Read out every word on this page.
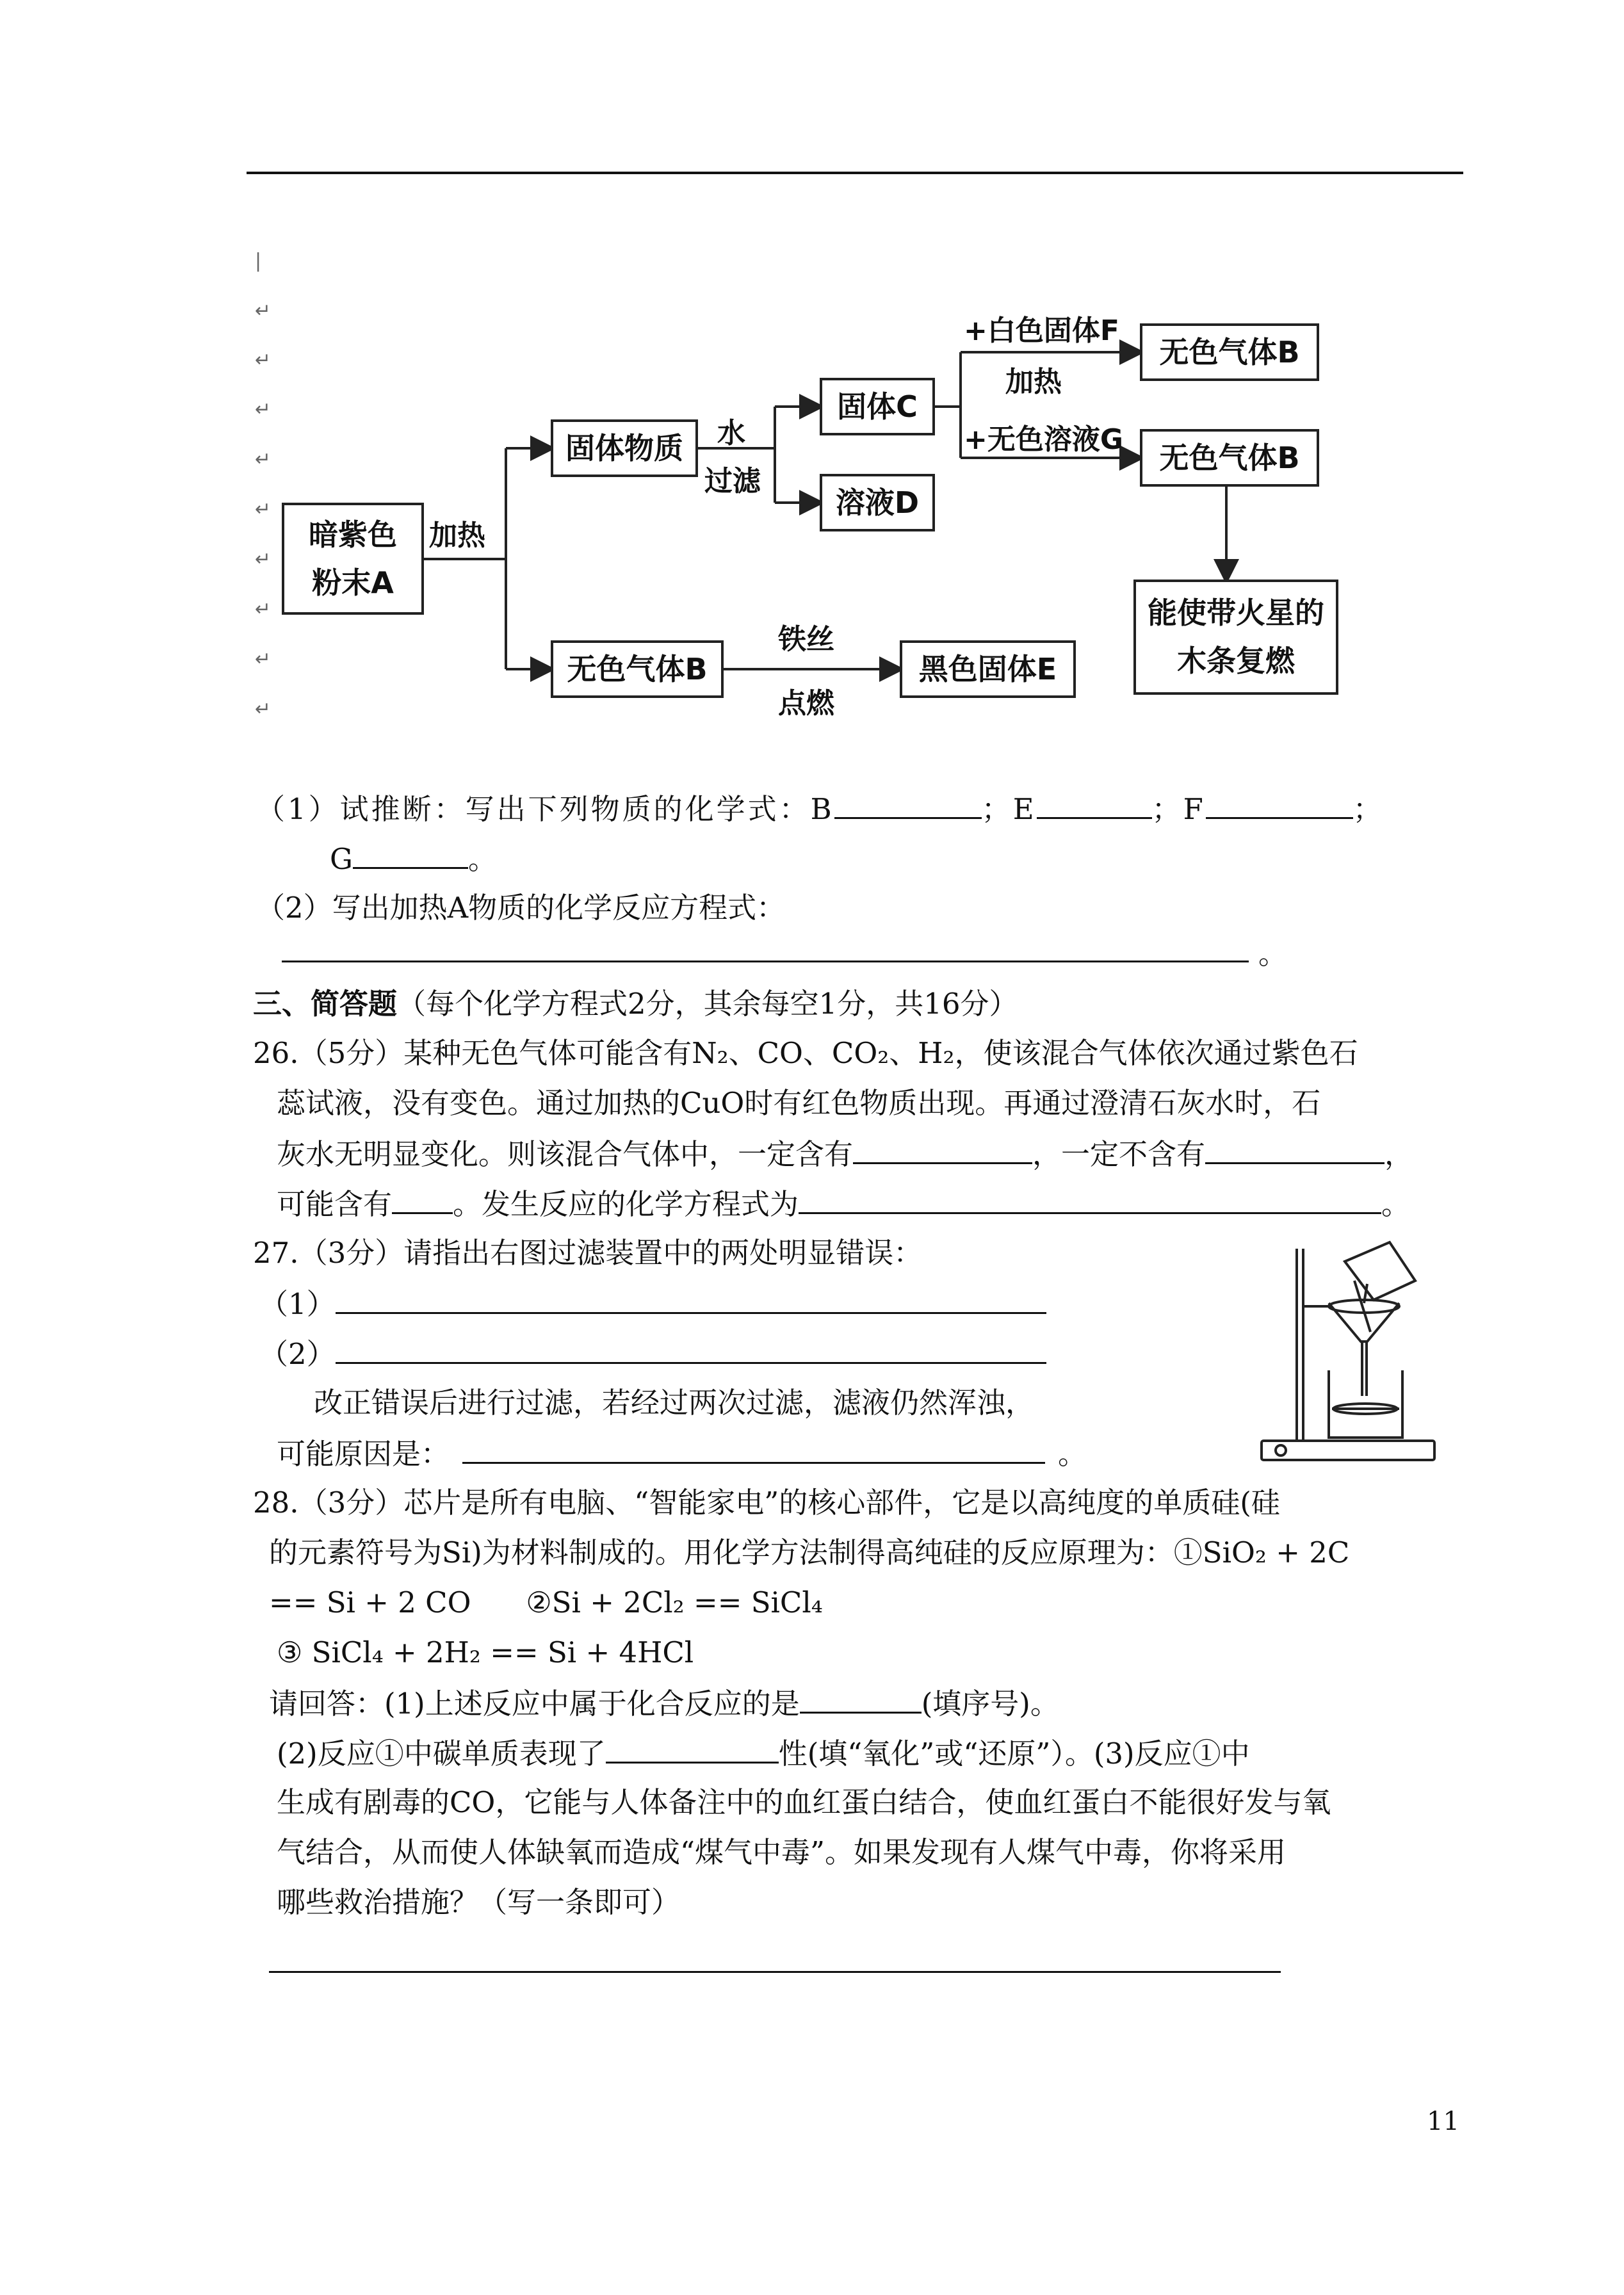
|
↵
↵
↵
↵
↵
↵
↵
↵
↵
暗紫色粉末A
固体物质
固体C
溶液D
无色气体B
无色气体B
无色气体B	黑色固体E
能使带火星的木条复燃
加热
水
过滤
+白色固体F
加热
+无色溶液G
铁丝
点燃
（1）试推断：写出下列物质的化学式：B	；E	；F	；
G	。
（2）写出加热A物质的化学反应方程式：
。
三、简答题（每个化学方程式2分，其余每空1分，共16分）
26.（5分）某种无色气体可能含有N₂、CO、CO₂、H₂，使该混合气体依次通过紫色石
蕊试液，没有变色。通过加热的CuO时有红色物质出现。再通过澄清石灰水时，石
灰水无明显变化。则该混合气体中，一定含有	，一定不含有	，
可能含有 。发生反应的化学方程式为	。
27.（3分）请指出右图过滤装置中的两处明显错误：
（1）
（2）
改正错误后进行过滤，若经过两次过滤，滤液仍然浑浊，
可能原因是：	。
28.（3分）芯片是所有电脑、“智能家电”的核心部件，它是以高纯度的单质硅(硅
的元素符号为Si)为材料制成的。用化学方法制得高纯硅的反应原理为：①SiO₂ + 2C
== Si + 2 CO      ②Si + 2Cl₂ == SiCl₄
③ SiCl₄ + 2H₂ == Si + 4HCl
请回答：(1)上述反应中属于化合反应的是	(填序号)。
(2)反应①中碳单质表现了	性(填“氧化”或“还原”）。(3)反应①中
生成有剧毒的CO，它能与人体备注中的血红蛋白结合，使血红蛋白不能很好发与氧
气结合，从而使人体缺氧而造成“煤气中毒”。如果发现有人煤气中毒，你将采用
哪些救治措施？（写一条即可）
11
